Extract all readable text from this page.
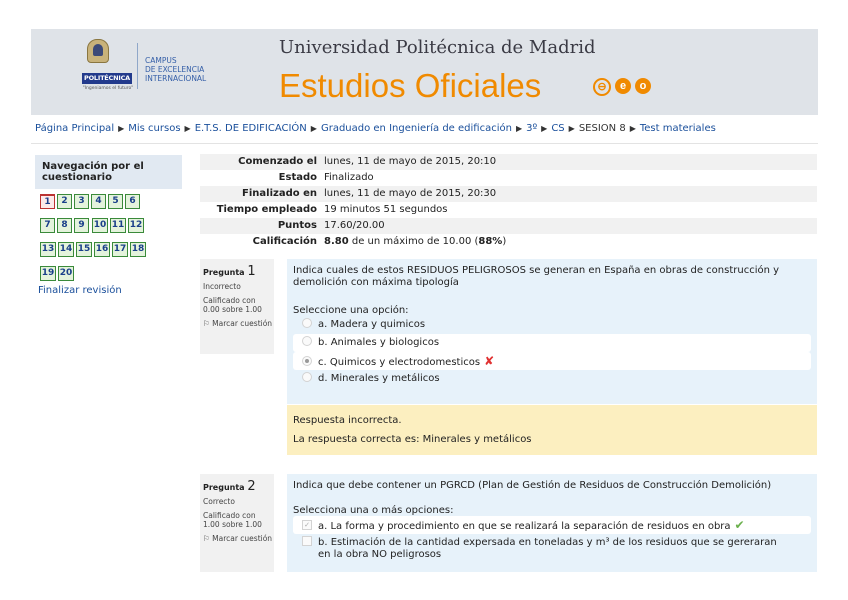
POLITÉCNICA
"Ingeniamos el futuro"
CAMPUS
DE EXCELENCIA
INTERNACIONAL
Universidad Politécnica de Madrid
Estudios Oficiales	⊖	e	o
Página Principal ▶ Mis cursos ▶ E.T.S. DE EDIFICACIÓN ▶ Graduado en Ingeniería de edificación ▶ 3º ▶ CS ▶ SESION 8 ▶ Test materiales
Navegación por el cuestionario
1	2	3	4	5	6
7	8	9	10 11 12
13 14 15 16 17 18
19 20
Finalizar revisión
Comenzado el lunes, 11 de mayo de 2015, 20:10
Estado Finalizado
Finalizado en lunes, 11 de mayo de 2015, 20:30
Tiempo empleado 19 minutos 51 segundos
Puntos 17.60/20.00
Calificación 8.80 de un máximo de 10.00 (88%)
Pregunta 1
Incorrecto
Calificado con 0.00 sobre 1.00
⚐ Marcar cuestión
Indica cuales de estos RESIDUOS PELIGROSOS se generan en España en obras de construcción y demolición con máxima tipología
Seleccione una opción:
a. Madera y quimicos
b. Animales y biologicos
c. Quimicos y electrodomesticos ✘
d. Minerales y metálicos
Respuesta incorrecta.
La respuesta correcta es: Minerales y metálicos
Pregunta 2
Correcto
Calificado con 1.00 sobre 1.00
⚐ Marcar cuestión
Indica que debe contener un PGRCD (Plan de Gestión de Residuos de Construcción Demolición)
Selecciona una o más opciones:
✓ a. La forma y procedimiento en que se realizará la separación de residuos en obra ✔
b. Estimación de la cantidad expersada en toneladas y m³ de los residuos que se gereraran en la obra NO peligrosos
